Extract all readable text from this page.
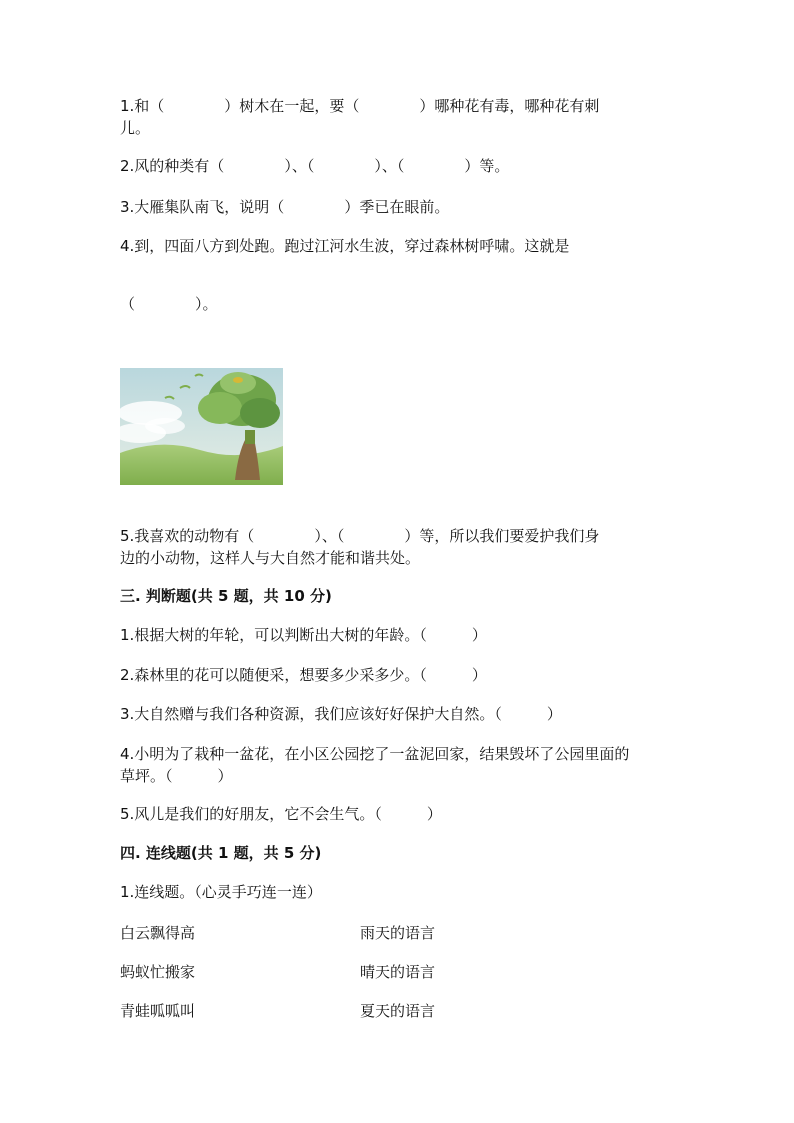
1.和（　　　　）树木在一起，要（　　　　）哪种花有毒，哪种花有刺
儿。
2.风的种类有（　　　　）、（　　　　）、（　　　　）等。
3.大雁集队南飞，说明（　　　　）季已在眼前。
4.到，四面八方到处跑。跑过江河水生波，穿过森林树呼啸。这就是
（　　　　）。
5.我喜欢的动物有（　　　　）、（　　　　）等，所以我们要爱护我们身
边的小动物，这样人与大自然才能和谐共处。
三. 判断题(共 5 题，共 10 分)
1.根据大树的年轮，可以判断出大树的年龄。（　　　）
2.森林里的花可以随便采，想要多少采多少。（　　　）
3.大自然赠与我们各种资源，我们应该好好保护大自然。（　　　）
4.小明为了栽种一盆花，在小区公园挖了一盆泥回家，结果毁坏了公园里面的
草坪。（　　　）
5.风儿是我们的好朋友，它不会生气。（　　　）
四. 连线题(共 1 题，共 5 分)
1.连线题。（心灵手巧连一连）
白云飘得高
蚂蚁忙搬家
青蛙呱呱叫
雨天的语言
晴天的语言
夏天的语言
